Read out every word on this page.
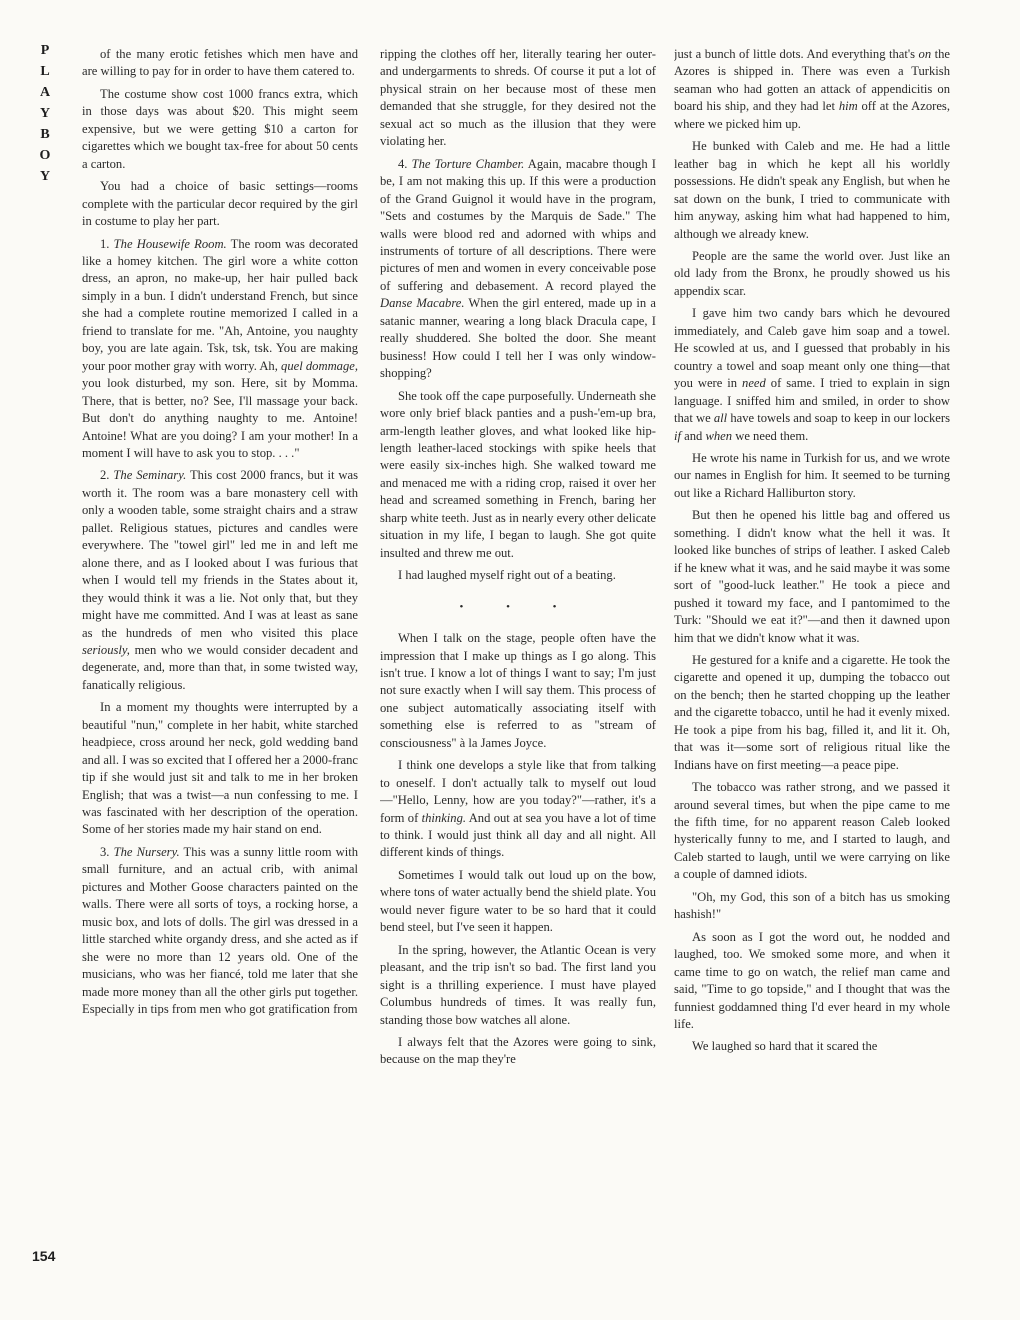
P
L
A
Y
B
O
Y
154

of the many erotic fetishes which men have and are willing to pay for in order to have them catered to.

The costume show cost 1000 francs extra, which in those days was about $20. This might seem expensive, but we were getting $10 a carton for cigarettes which we bought tax-free for about 50 cents a carton.

You had a choice of basic settings—rooms complete with the particular decor required by the girl in costume to play her part.

1. The Housewife Room. The room was decorated like a homey kitchen. The girl wore a white cotton dress, an apron, no make-up, her hair pulled back simply in a bun. I didn't understand French, but since she had a complete routine memorized I called in a friend to translate for me. "Ah, Antoine, you naughty boy, you are late again. Tsk, tsk, tsk. You are making your poor mother gray with worry. Ah, quel dommage, you look disturbed, my son. Here, sit by Momma. There, that is better, no? See, I'll massage your back. But don't do anything naughty to me. Antoine! Antoine! What are you doing? I am your mother! In a moment I will have to ask you to stop. . . ."

2. The Seminary. This cost 2000 francs, but it was worth it. The room was a bare monastery cell with only a wooden table, some straight chairs and a straw pallet. Religious statues, pictures and candles were everywhere. The "towel girl" led me in and left me alone there, and as I looked about I was furious that when I would tell my friends in the States about it, they would think it was a lie. Not only that, but they might have me committed. And I was at least as sane as the hundreds of men who visited this place seriously, men who we would consider decadent and degenerate, and, more than that, in some twisted way, fanatically religious.

In a moment my thoughts were interrupted by a beautiful "nun," complete in her habit, white starched headpiece, cross around her neck, gold wedding band and all. I was so excited that I offered her a 2000-franc tip if she would just sit and talk to me in her broken English; that was a twist—a nun confessing to me. I was fascinated with her description of the operation. Some of her stories made my hair stand on end.

3. The Nursery. This was a sunny little room with small furniture, and an actual crib, with animal pictures and Mother Goose characters painted on the walls. There were all sorts of toys, a rocking horse, a music box, and lots of dolls. The girl was dressed in a little starched white organdy dress, and she acted as if she were no more than 12 years old. One of the musicians, who was her fiancé, told me later that she made more money than all the other girls put together. Especially in tips from men who got gratification from

ripping the clothes off her, literally tearing her outer- and undergarments to shreds. Of course it put a lot of physical strain on her because most of these men demanded that she struggle, for they desired not the sexual act so much as the illusion that they were violating her.

4. The Torture Chamber. Again, macabre though I be, I am not making this up. If this were a production of the Grand Guignol it would have in the program, "Sets and costumes by the Marquis de Sade." The walls were blood red and adorned with whips and instruments of torture of all descriptions. There were pictures of men and women in every conceivable pose of suffering and debasement. A record played the Danse Macabre. When the girl entered, made up in a satanic manner, wearing a long black Dracula cape, I really shuddered. She bolted the door. She meant business! How could I tell her I was only window-shopping?

She took off the cape purposefully. Underneath she wore only brief black panties and a push-'em-up bra, arm-length leather gloves, and what looked like hip-length leather-laced stockings with spike heels that were easily six-inches high. She walked toward me and menaced me with a riding crop, raised it over her head and screamed something in French, baring her sharp white teeth. Just as in nearly every other delicate situation in my life, I began to laugh. She got quite insulted and threw me out.

I had laughed myself right out of a beating.

• • •

When I talk on the stage, people often have the impression that I make up things as I go along. This isn't true. I know a lot of things I want to say; I'm just not sure exactly when I will say them. This process of one subject automatically associating itself with something else is referred to as "stream of consciousness" à la James Joyce.

I think one develops a style like that from talking to oneself. I don't actually talk to myself out loud—"Hello, Lenny, how are you today?"—rather, it's a form of thinking. And out at sea you have a lot of time to think. I would just think all day and all night. All different kinds of things.

Sometimes I would talk out loud up on the bow, where tons of water actually bend the shield plate. You would never figure water to be so hard that it could bend steel, but I've seen it happen.

In the spring, however, the Atlantic Ocean is very pleasant, and the trip isn't so bad. The first land you sight is a thrilling experience. I must have played Columbus hundreds of times. It was really fun, standing those bow watches all alone.

I always felt that the Azores were going to sink, because on the map they're

just a bunch of little dots. And everything that's on the Azores is shipped in. There was even a Turkish seaman who had gotten an attack of appendicitis on board his ship, and they had let him off at the Azores, where we picked him up.

He bunked with Caleb and me. He had a little leather bag in which he kept all his worldly possessions. He didn't speak any English, but when he sat down on the bunk, I tried to communicate with him anyway, asking him what had happened to him, although we already knew.

People are the same the world over. Just like an old lady from the Bronx, he proudly showed us his appendix scar.

I gave him two candy bars which he devoured immediately, and Caleb gave him soap and a towel. He scowled at us, and I guessed that probably in his country a towel and soap meant only one thing—that you were in need of same. I tried to explain in sign language. I sniffed him and smiled, in order to show that we all have towels and soap to keep in our lockers if and when we need them.

He wrote his name in Turkish for us, and we wrote our names in English for him. It seemed to be turning out like a Richard Halliburton story.

But then he opened his little bag and offered us something. I didn't know what the hell it was. It looked like bunches of strips of leather. I asked Caleb if he knew what it was, and he said maybe it was some sort of "good-luck leather." He took a piece and pushed it toward my face, and I pantomimed to the Turk: "Should we eat it?"—and then it dawned upon him that we didn't know what it was.

He gestured for a knife and a cigarette. He took the cigarette and opened it up, dumping the tobacco out on the bench; then he started chopping up the leather and the cigarette tobacco, until he had it evenly mixed. He took a pipe from his bag, filled it, and lit it. Oh, that was it—some sort of religious ritual like the Indians have on first meeting—a peace pipe.

The tobacco was rather strong, and we passed it around several times, but when the pipe came to me the fifth time, for no apparent reason Caleb looked hysterically funny to me, and I started to laugh, and Caleb started to laugh, until we were carrying on like a couple of damned idiots.

"Oh, my God, this son of a bitch has us smoking hashish!"

As soon as I got the word out, he nodded and laughed, too. We smoked some more, and when it came time to go on watch, the relief man came and said, "Time to go topside," and I thought that was the funniest goddamned thing I'd ever heard in my whole life.

We laughed so hard that it scared the
